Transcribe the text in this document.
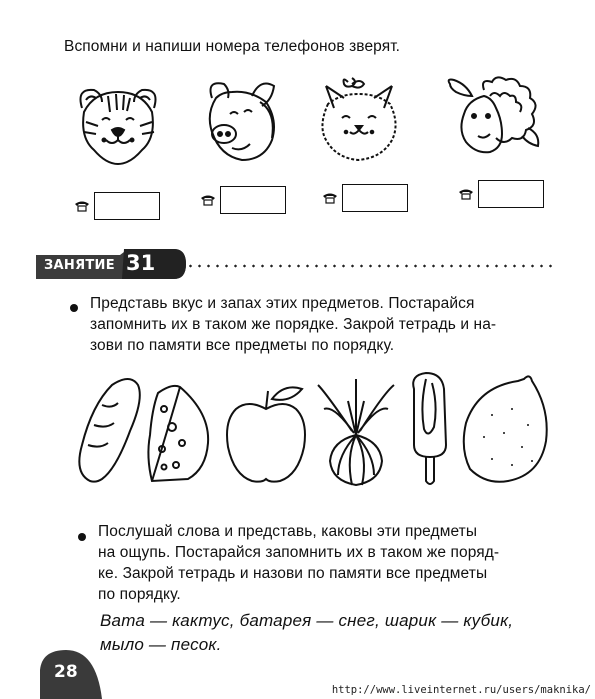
Вспомни и напиши номера телефонов зверят.
ЗАНЯТИЕ 31
Представь вкус и запах этих предметов. Постарайся
запомнить их в таком же порядке. Закрой тетрадь и на-
зови по памяти все предметы по порядку.
Послушай слова и представь, каковы эти предметы
на ощупь. Постарайся запомнить их в таком же поряд-
ке. Закрой тетрадь и назови по памяти все предметы
по порядку.
Вата — кактус, батарея — снег, шарик — кубик,
мыло — песок.
28
http://www.liveinternet.ru/users/maknika/
